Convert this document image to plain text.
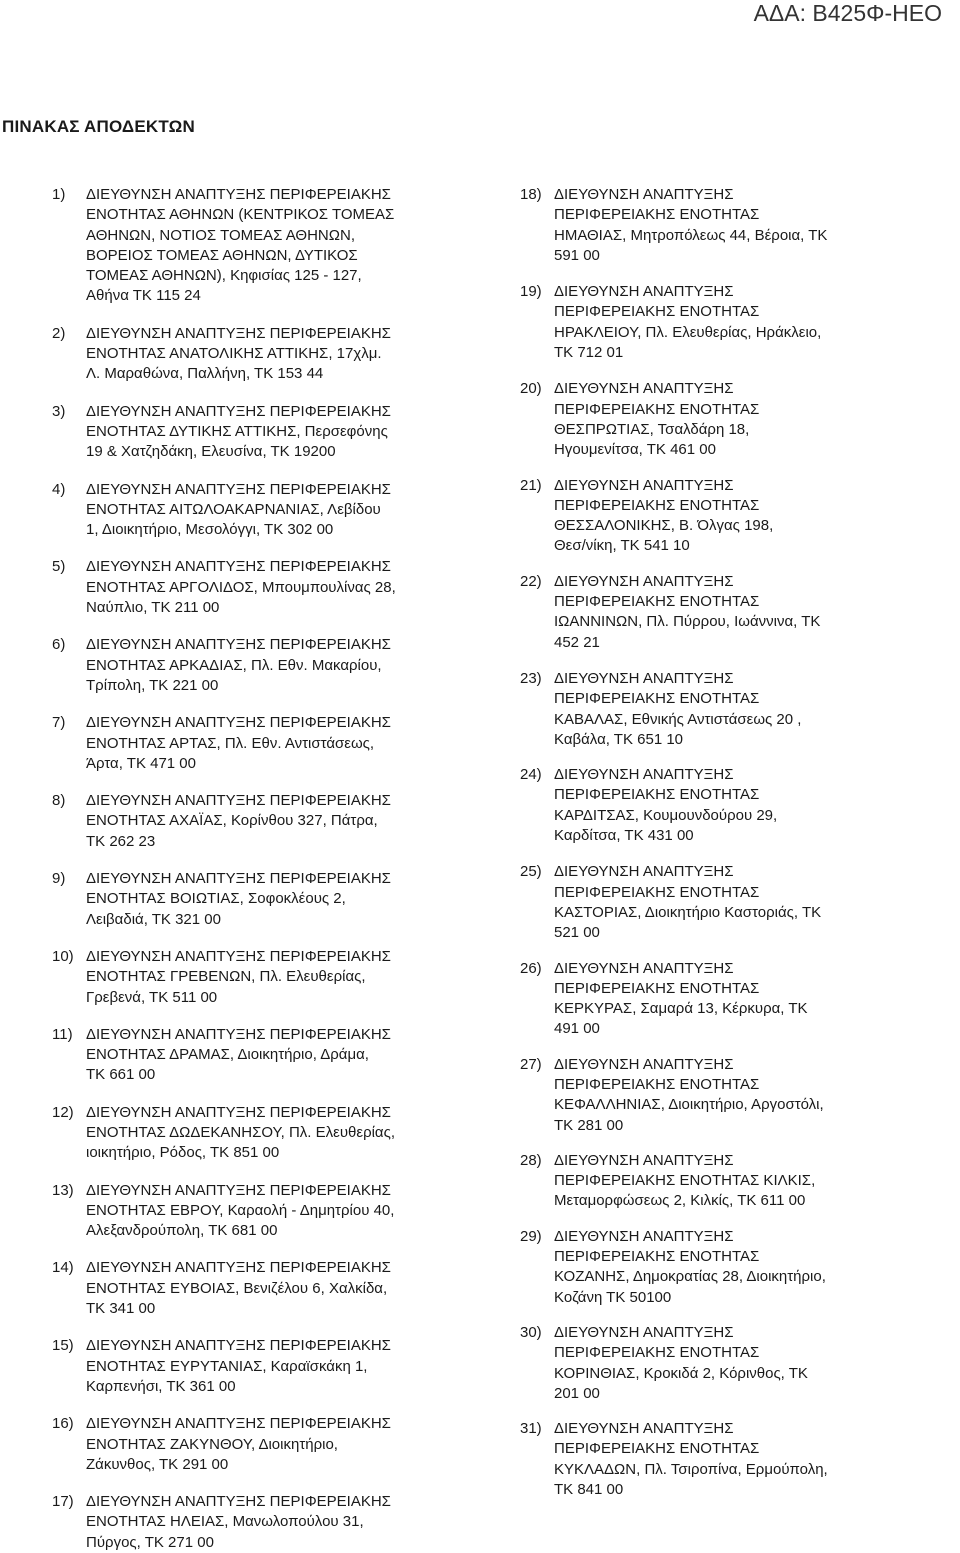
ΑΔΑ: Β425Φ-ΗΕΟ
ΠΙΝΑΚΑΣ ΑΠΟΔΕΚΤΩΝ
1) ΔΙΕΥΘΥΝΣΗ ΑΝΑΠΤΥΞΗΣ ΠΕΡΙΦΕΡΕΙΑΚΗΣ
ΕΝΟΤΗΤΑΣ ΑΘΗΝΩΝ (ΚΕΝΤΡΙΚΟΣ ΤΟΜΕΑΣ
ΑΘΗΝΩΝ, ΝΟΤΙΟΣ ΤΟΜΕΑΣ ΑΘΗΝΩΝ,
ΒΟΡΕΙΟΣ ΤΟΜΕΑΣ ΑΘΗΝΩΝ, ΔΥΤΙΚΟΣ
ΤΟΜΕΑΣ ΑΘΗΝΩΝ), Κηφισίας 125 - 127,
Αθήνα ΤΚ 115 24
2) ΔΙΕΥΘΥΝΣΗ ΑΝΑΠΤΥΞΗΣ ΠΕΡΙΦΕΡΕΙΑΚΗΣ
ΕΝΟΤΗΤΑΣ ΑΝΑΤΟΛΙΚΗΣ ΑΤΤΙΚΗΣ, 17χλμ.
Λ. Μαραθώνα, Παλλήνη, ΤΚ 153 44
3) ΔΙΕΥΘΥΝΣΗ ΑΝΑΠΤΥΞΗΣ ΠΕΡΙΦΕΡΕΙΑΚΗΣ
ΕΝΟΤΗΤΑΣ ΔΥΤΙΚΗΣ ΑΤΤΙΚΗΣ, Περσεφόνης
19 & Χατζηδάκη, Ελευσίνα, ΤΚ 19200
4) ΔΙΕΥΘΥΝΣΗ ΑΝΑΠΤΥΞΗΣ ΠΕΡΙΦΕΡΕΙΑΚΗΣ
ΕΝΟΤΗΤΑΣ ΑΙΤΩΛΟΑΚΑΡΝΑΝΙΑΣ, Λεβίδου
1, Διοικητήριο, Μεσολόγγι, ΤΚ 302 00
5) ΔΙΕΥΘΥΝΣΗ ΑΝΑΠΤΥΞΗΣ ΠΕΡΙΦΕΡΕΙΑΚΗΣ
ΕΝΟΤΗΤΑΣ ΑΡΓΟΛΙΔΟΣ, Μπουμπουλίνας 28,
Ναύπλιο, ΤΚ 211 00
6) ΔΙΕΥΘΥΝΣΗ ΑΝΑΠΤΥΞΗΣ ΠΕΡΙΦΕΡΕΙΑΚΗΣ
ΕΝΟΤΗΤΑΣ ΑΡΚΑΔΙΑΣ, Πλ. Εθν. Μακαρίου,
Τρίπολη, ΤΚ 221 00
7) ΔΙΕΥΘΥΝΣΗ ΑΝΑΠΤΥΞΗΣ ΠΕΡΙΦΕΡΕΙΑΚΗΣ
ΕΝΟΤΗΤΑΣ ΑΡΤΑΣ, Πλ. Εθν. Αντιστάσεως,
Άρτα, ΤΚ 471 00
8) ΔΙΕΥΘΥΝΣΗ ΑΝΑΠΤΥΞΗΣ ΠΕΡΙΦΕΡΕΙΑΚΗΣ
ΕΝΟΤΗΤΑΣ ΑΧΑΪΑΣ, Κορίνθου 327, Πάτρα,
ΤΚ 262 23
9) ΔΙΕΥΘΥΝΣΗ ΑΝΑΠΤΥΞΗΣ ΠΕΡΙΦΕΡΕΙΑΚΗΣ
ΕΝΟΤΗΤΑΣ ΒΟΙΩΤΙΑΣ, Σοφοκλέους 2,
Λειβαδιά, ΤΚ 321 00
10) ΔΙΕΥΘΥΝΣΗ ΑΝΑΠΤΥΞΗΣ ΠΕΡΙΦΕΡΕΙΑΚΗΣ
ΕΝΟΤΗΤΑΣ ΓΡΕΒΕΝΩΝ, Πλ. Ελευθερίας,
Γρεβενά, ΤΚ 511 00
11) ΔΙΕΥΘΥΝΣΗ ΑΝΑΠΤΥΞΗΣ ΠΕΡΙΦΕΡΕΙΑΚΗΣ
ΕΝΟΤΗΤΑΣ ΔΡΑΜΑΣ, Διοικητήριο, Δράμα,
ΤΚ 661 00
12) ΔΙΕΥΘΥΝΣΗ ΑΝΑΠΤΥΞΗΣ ΠΕΡΙΦΕΡΕΙΑΚΗΣ
ΕΝΟΤΗΤΑΣ ΔΩΔΕΚΑΝΗΣΟΥ, Πλ. Ελευθερίας,
ιοικητήριο, Ρόδος, ΤΚ 851 00
13) ΔΙΕΥΘΥΝΣΗ ΑΝΑΠΤΥΞΗΣ ΠΕΡΙΦΕΡΕΙΑΚΗΣ
ΕΝΟΤΗΤΑΣ ΕΒΡΟΥ, Καραολή - Δημητρίου 40,
Αλεξανδρούπολη, ΤΚ 681 00
14) ΔΙΕΥΘΥΝΣΗ ΑΝΑΠΤΥΞΗΣ ΠΕΡΙΦΕΡΕΙΑΚΗΣ
ΕΝΟΤΗΤΑΣ ΕΥΒΟΙΑΣ, Βενιζέλου 6, Χαλκίδα,
ΤΚ 341 00
15) ΔΙΕΥΘΥΝΣΗ ΑΝΑΠΤΥΞΗΣ ΠΕΡΙΦΕΡΕΙΑΚΗΣ
ΕΝΟΤΗΤΑΣ ΕΥΡΥΤΑΝΙΑΣ, Καραϊσκάκη 1,
Καρπενήσι, ΤΚ 361 00
16) ΔΙΕΥΘΥΝΣΗ ΑΝΑΠΤΥΞΗΣ ΠΕΡΙΦΕΡΕΙΑΚΗΣ
ΕΝΟΤΗΤΑΣ ΖΑΚΥΝΘΟΥ, Διοικητήριο,
Ζάκυνθος, ΤΚ 291 00
17) ΔΙΕΥΘΥΝΣΗ ΑΝΑΠΤΥΞΗΣ ΠΕΡΙΦΕΡΕΙΑΚΗΣ
ΕΝΟΤΗΤΑΣ ΗΛΕΙΑΣ, Μανωλοπούλου 31,
Πύργος, ΤΚ 271 00
18) ΔΙΕΥΘΥΝΣΗ ΑΝΑΠΤΥΞΗΣ
ΠΕΡΙΦΕΡΕΙΑΚΗΣ ΕΝΟΤΗΤΑΣ
ΗΜΑΘΙΑΣ, Μητροπόλεως 44, Βέροια, ΤΚ
591 00
19) ΔΙΕΥΘΥΝΣΗ ΑΝΑΠΤΥΞΗΣ
ΠΕΡΙΦΕΡΕΙΑΚΗΣ ΕΝΟΤΗΤΑΣ
ΗΡΑΚΛΕΙΟΥ, Πλ. Ελευθερίας, Ηράκλειο,
ΤΚ 712 01
20) ΔΙΕΥΘΥΝΣΗ ΑΝΑΠΤΥΞΗΣ
ΠΕΡΙΦΕΡΕΙΑΚΗΣ ΕΝΟΤΗΤΑΣ
ΘΕΣΠΡΩΤΙΑΣ, Τσαλδάρη 18,
Ηγουμενίτσα, ΤΚ 461 00
21) ΔΙΕΥΘΥΝΣΗ ΑΝΑΠΤΥΞΗΣ
ΠΕΡΙΦΕΡΕΙΑΚΗΣ ΕΝΟΤΗΤΑΣ
ΘΕΣΣΑΛΟΝΙΚΗΣ, Β. Όλγας 198,
Θεσ/νίκη, ΤΚ 541 10
22) ΔΙΕΥΘΥΝΣΗ ΑΝΑΠΤΥΞΗΣ
ΠΕΡΙΦΕΡΕΙΑΚΗΣ ΕΝΟΤΗΤΑΣ
ΙΩΑΝΝΙΝΩΝ, Πλ. Πύρρου, Ιωάννινα, ΤΚ
452 21
23) ΔΙΕΥΘΥΝΣΗ ΑΝΑΠΤΥΞΗΣ
ΠΕΡΙΦΕΡΕΙΑΚΗΣ ΕΝΟΤΗΤΑΣ
ΚΑΒΑΛΑΣ, Εθνικής Αντιστάσεως 20 ,
Καβάλα, ΤΚ 651 10
24) ΔΙΕΥΘΥΝΣΗ ΑΝΑΠΤΥΞΗΣ
ΠΕΡΙΦΕΡΕΙΑΚΗΣ ΕΝΟΤΗΤΑΣ
ΚΑΡΔΙΤΣΑΣ, Κουμουνδούρου 29,
Καρδίτσα, ΤΚ 431 00
25) ΔΙΕΥΘΥΝΣΗ ΑΝΑΠΤΥΞΗΣ
ΠΕΡΙΦΕΡΕΙΑΚΗΣ ΕΝΟΤΗΤΑΣ
ΚΑΣΤΟΡΙΑΣ, Διοικητήριο Καστοριάς, ΤΚ
521 00
26) ΔΙΕΥΘΥΝΣΗ ΑΝΑΠΤΥΞΗΣ
ΠΕΡΙΦΕΡΕΙΑΚΗΣ ΕΝΟΤΗΤΑΣ
ΚΕΡΚΥΡΑΣ, Σαμαρά 13, Κέρκυρα, ΤΚ
491 00
27) ΔΙΕΥΘΥΝΣΗ ΑΝΑΠΤΥΞΗΣ
ΠΕΡΙΦΕΡΕΙΑΚΗΣ ΕΝΟΤΗΤΑΣ
ΚΕΦΑΛΛΗΝΙΑΣ, Διοικητήριο, Αργοστόλι,
ΤΚ 281 00
28) ΔΙΕΥΘΥΝΣΗ ΑΝΑΠΤΥΞΗΣ
ΠΕΡΙΦΕΡΕΙΑΚΗΣ ΕΝΟΤΗΤΑΣ ΚΙΛΚΙΣ,
Μεταμορφώσεως 2, Κιλκίς, ΤΚ 611 00
29) ΔΙΕΥΘΥΝΣΗ ΑΝΑΠΤΥΞΗΣ
ΠΕΡΙΦΕΡΕΙΑΚΗΣ ΕΝΟΤΗΤΑΣ
ΚΟΖΑΝΗΣ, Δημοκρατίας 28, Διοικητήριο,
Κοζάνη ΤΚ 50100
30) ΔΙΕΥΘΥΝΣΗ ΑΝΑΠΤΥΞΗΣ
ΠΕΡΙΦΕΡΕΙΑΚΗΣ ΕΝΟΤΗΤΑΣ
ΚΟΡΙΝΘΙΑΣ, Κροκιδά 2, Κόρινθος, ΤΚ
201 00
31) ΔΙΕΥΘΥΝΣΗ ΑΝΑΠΤΥΞΗΣ
ΠΕΡΙΦΕΡΕΙΑΚΗΣ ΕΝΟΤΗΤΑΣ
ΚΥΚΛΑΔΩΝ, Πλ. Τσιροπίνα, Ερμούπολη,
ΤΚ 841 00
